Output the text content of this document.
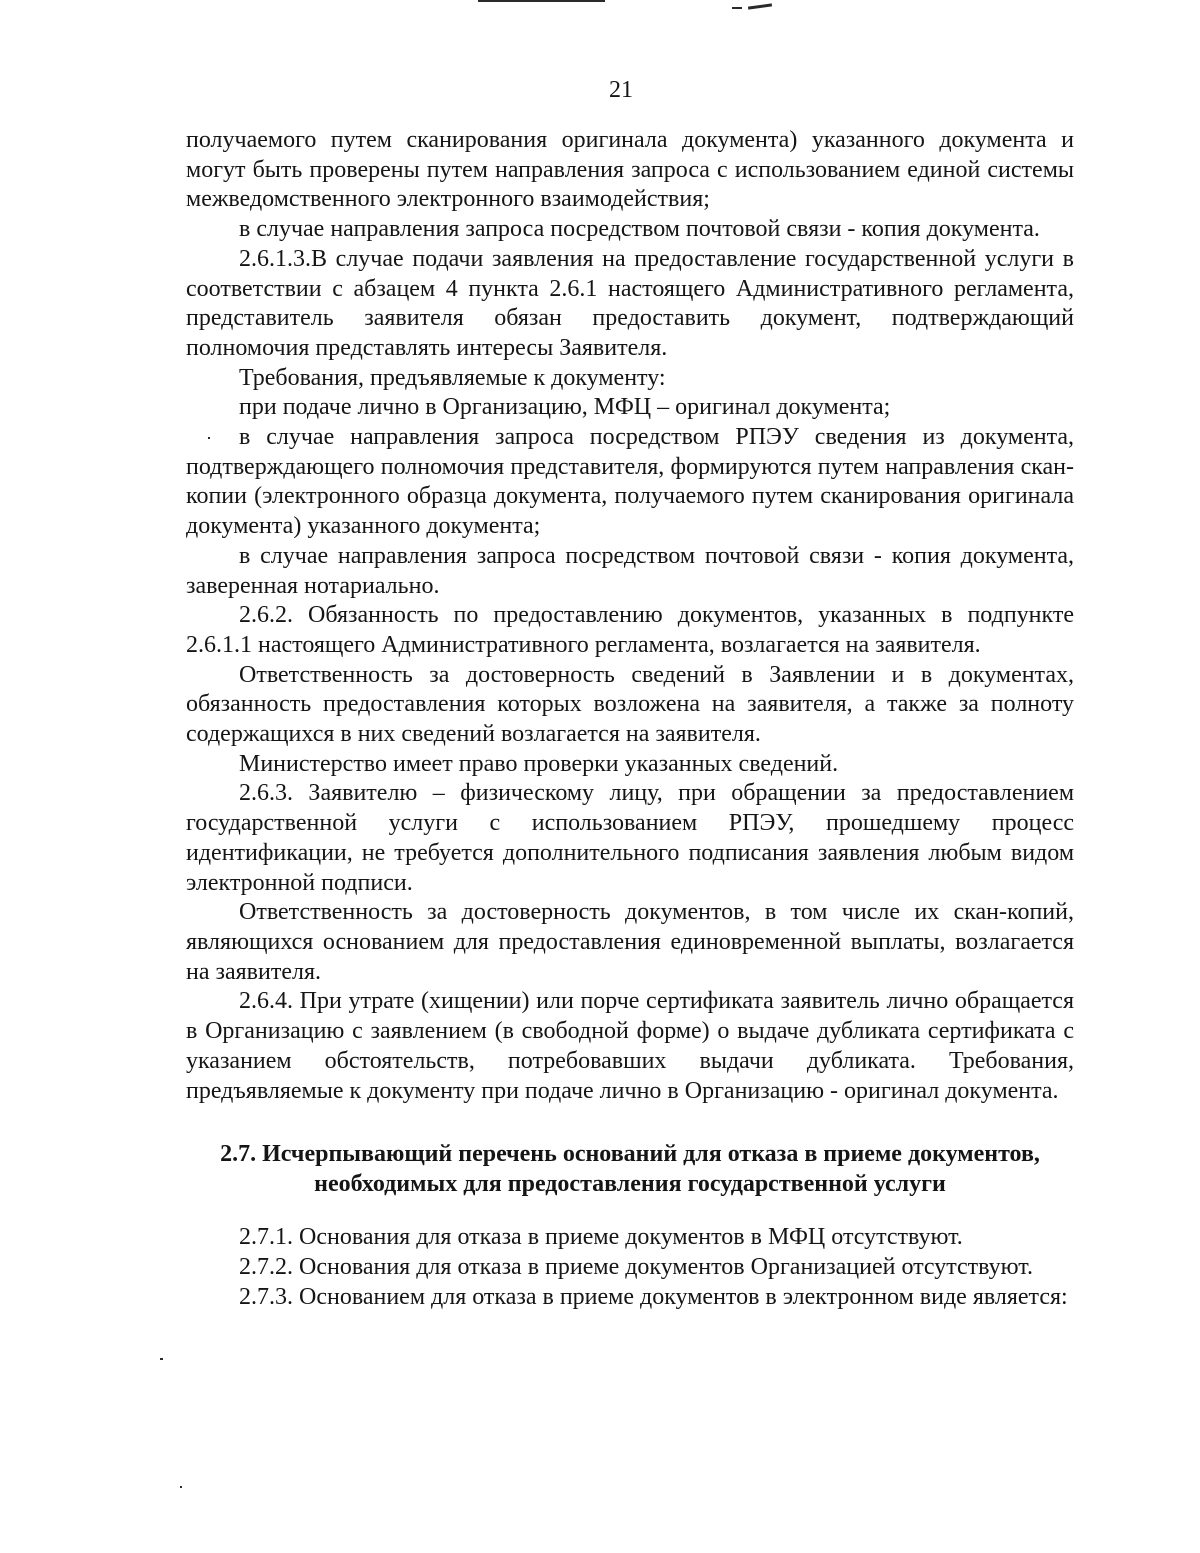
21

получаемого путем сканирования оригинала документа) указанного документа и могут быть проверены путем направления запроса с использованием единой системы межведомственного электронного взаимодействия;

в случае направления запроса посредством почтовой связи - копия документа.

2.6.1.3.В случае подачи заявления на предоставление государственной услуги в соответствии с абзацем 4 пункта 2.6.1 настоящего Административного регламента, представитель заявителя обязан предоставить документ, подтверждающий полномочия представлять интересы Заявителя.

Требования, предъявляемые к документу:

при подаче лично в Организацию, МФЦ – оригинал документа;

в случае направления запроса посредством РПЭУ сведения из документа, подтверждающего полномочия представителя, формируются путем направления скан-копии (электронного образца документа, получаемого путем сканирования оригинала документа) указанного документа;

в случае направления запроса посредством почтовой связи - копия документа, заверенная нотариально.

2.6.2. Обязанность по предоставлению документов, указанных в подпункте 2.6.1.1 настоящего Административного регламента, возлагается на заявителя.

Ответственность за достоверность сведений в Заявлении и в документах, обязанность предоставления которых возложена на заявителя, а также за полноту содержащихся в них сведений возлагается на заявителя.

Министерство имеет право проверки указанных сведений.

2.6.3. Заявителю – физическому лицу, при обращении за предоставлением государственной услуги с использованием РПЭУ, прошедшему процесс идентификации, не требуется дополнительного подписания заявления любым видом электронной подписи.

Ответственность за достоверность документов, в том числе их скан-копий, являющихся основанием для предоставления единовременной выплаты, возлагается на заявителя.

2.6.4. При утрате (хищении) или порче сертификата заявитель лично обращается в Организацию с заявлением (в свободной форме) о выдаче дубликата сертификата с указанием обстоятельств, потребовавших выдачи дубликата. Требования, предъявляемые к документу при подаче лично в Организацию - оригинал документа.

2.7. Исчерпывающий перечень оснований для отказа в приеме документов,
необходимых для предоставления государственной услуги

2.7.1. Основания для отказа в приеме документов в МФЦ отсутствуют.

2.7.2. Основания для отказа в приеме документов Организацией отсутствуют.

2.7.3. Основанием для отказа в приеме документов в электронном виде является:
